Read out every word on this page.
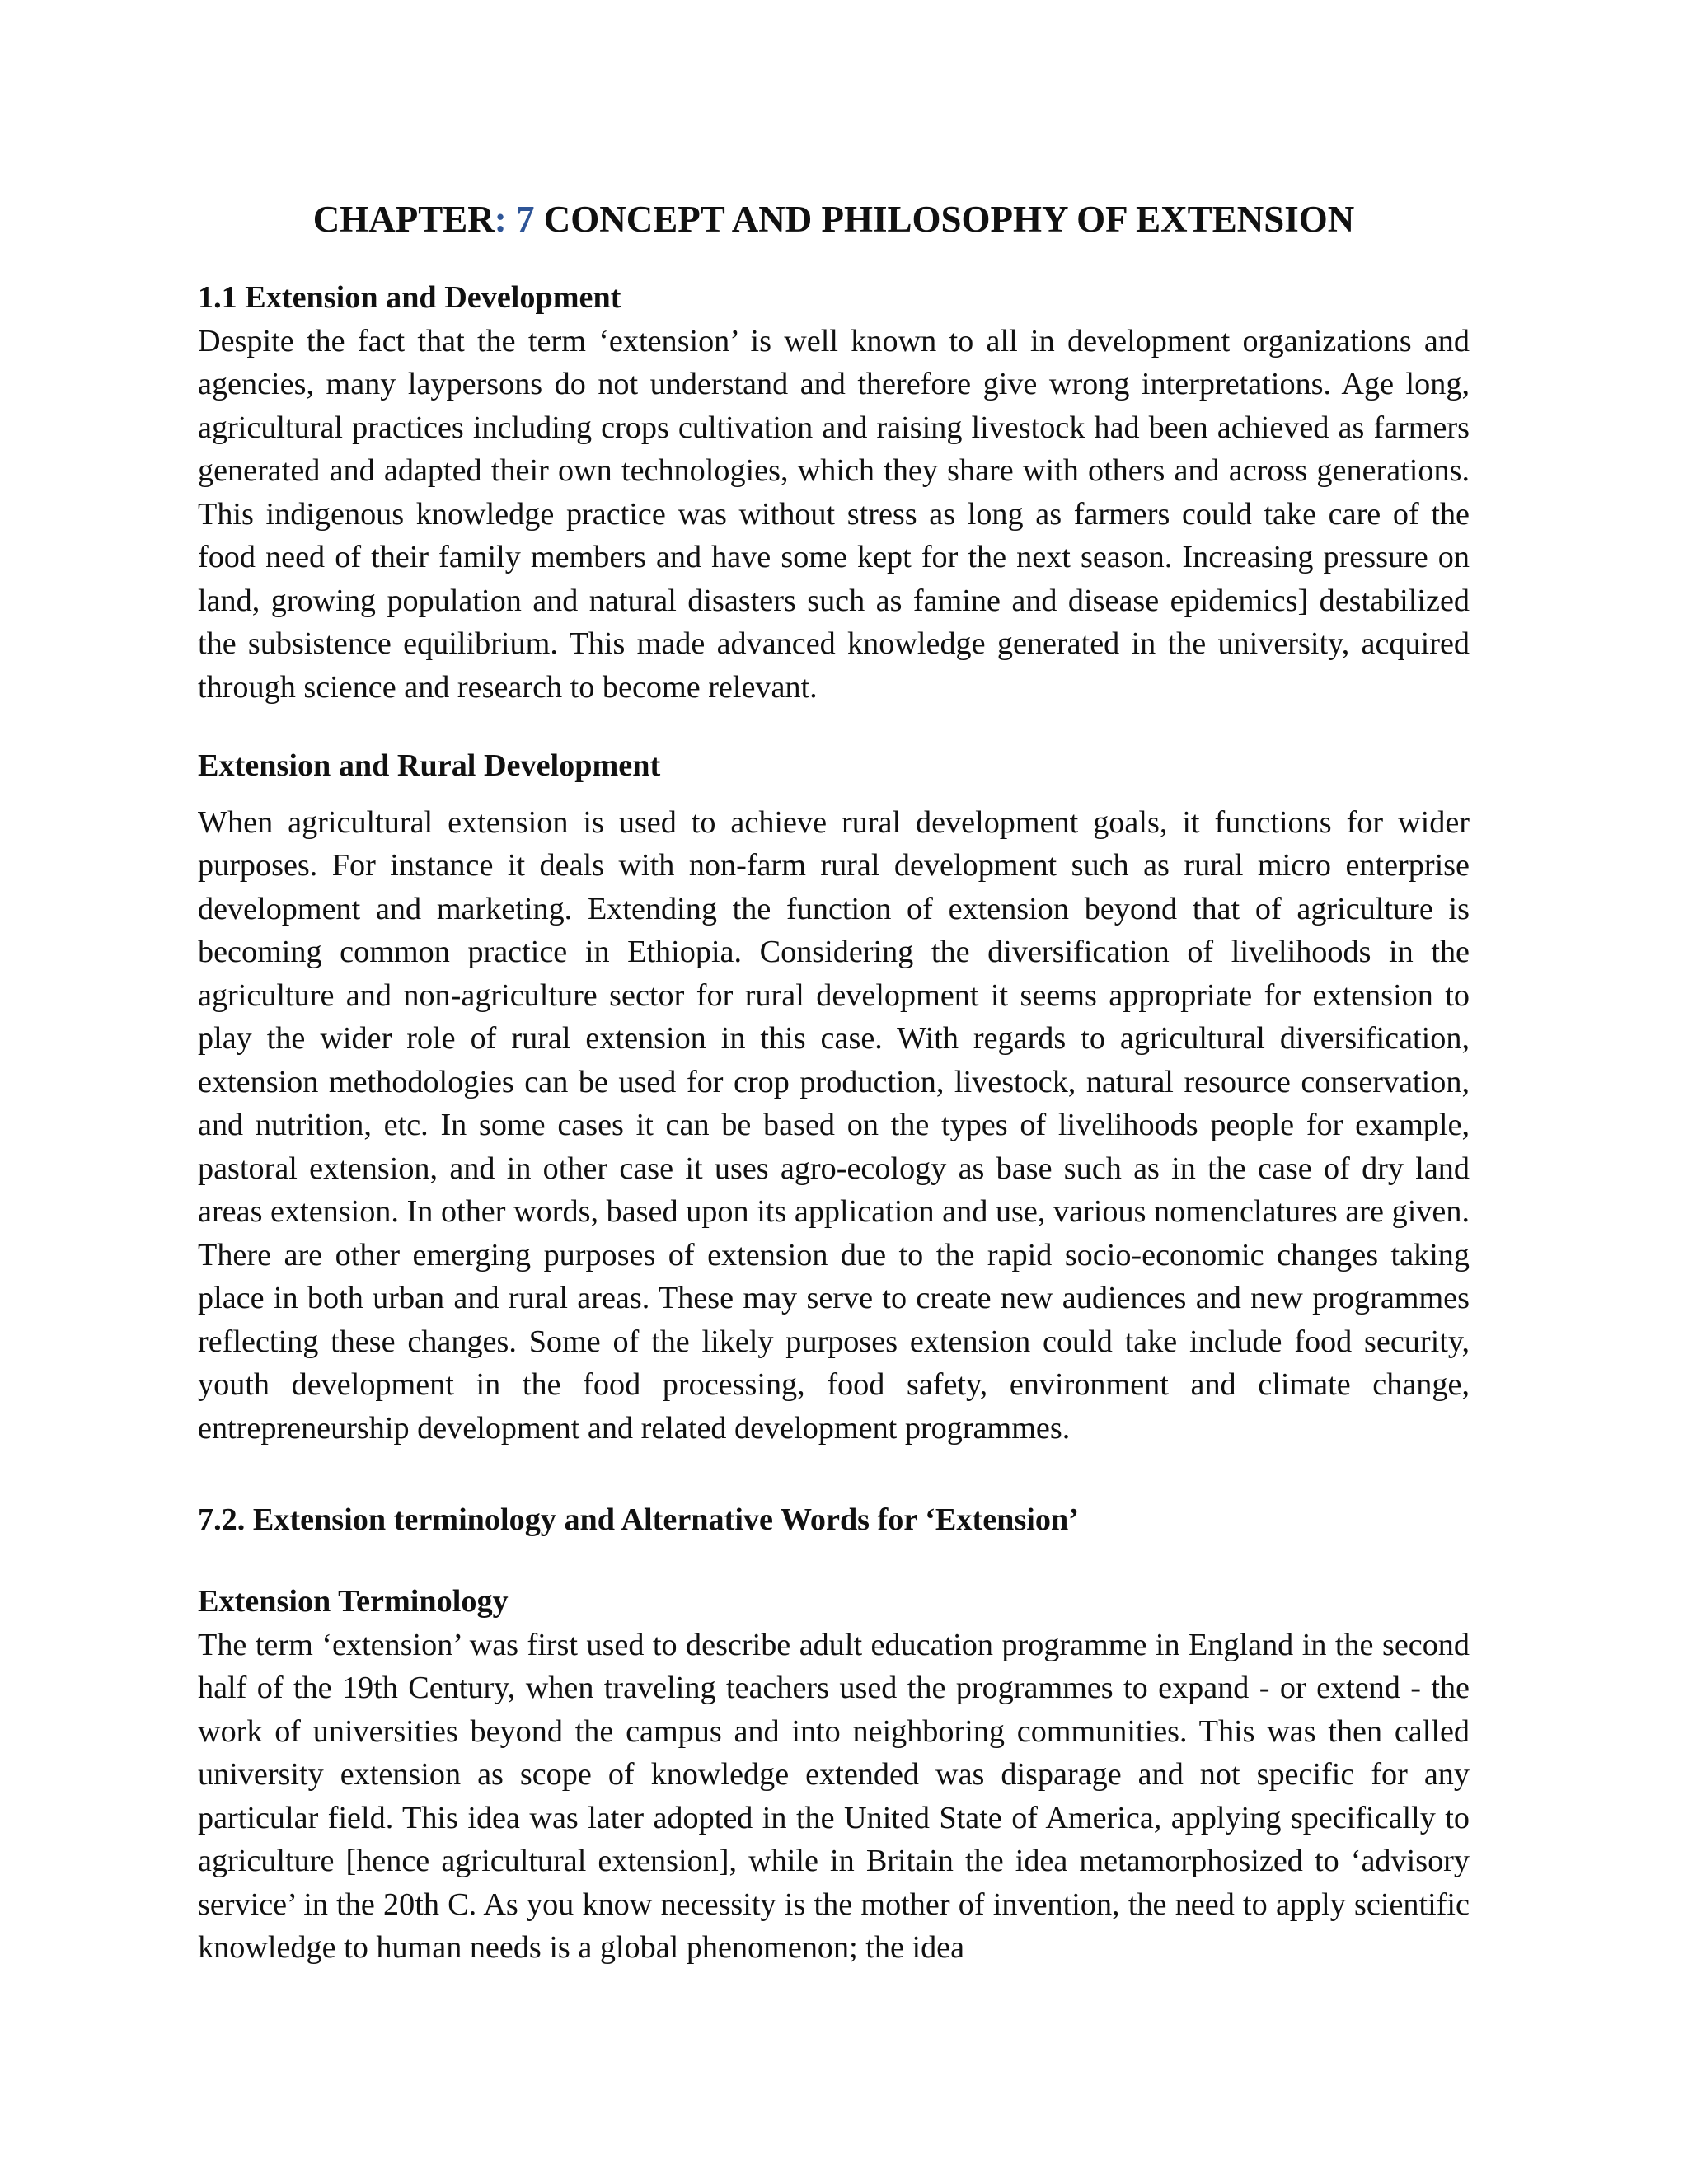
CHAPTER: 7 CONCEPT AND PHILOSOPHY OF EXTENSION
1.1 Extension and Development

Despite the fact that the term ‘extension’ is well known to all in development organizations and agencies, many laypersons do not understand and therefore give wrong interpretations. Age long, agricultural practices including crops cultivation and raising livestock had been achieved as farmers generated and adapted their own technologies, which they share with others and across generations. This indigenous knowledge practice was without stress as long as farmers could take care of the food need of their family members and have some kept for the next season. Increasing pressure on land, growing population and natural disasters such as famine and disease epidemics] destabilized the subsistence equilibrium. This made advanced knowledge generated in the university, acquired through science and research to become relevant.

Extension and Rural Development

When agricultural extension is used to achieve rural development goals, it functions for wider purposes. For instance it deals with non-farm rural development such as rural micro enterprise development and marketing. Extending the function of extension beyond that of agriculture is becoming common practice in Ethiopia. Considering the diversification of livelihoods in the agriculture and non-agriculture sector for rural development it seems appropriate for extension to play the wider role of rural extension in this case. With regards to agricultural diversification, extension methodologies can be used for crop production, livestock, natural resource conservation, and nutrition, etc. In some cases it can be based on the types of livelihoods people for example, pastoral extension, and in other case it uses agro-ecology as base such as in the case of dry land areas extension. In other words, based upon its application and use, various nomenclatures are given. There are other emerging purposes of extension due to the rapid socio-economic changes taking place in both urban and rural areas. These may serve to create new audiences and new programmes reflecting these changes. Some of the likely purposes extension could take include food security, youth development in the food processing, food safety, environment and climate change, entrepreneurship development and related development programmes.

7.2. Extension terminology and Alternative Words for ‘Extension’
Extension Terminology

The term ‘extension’ was first used to describe adult education programme in England in the second half of the 19th Century, when traveling teachers used the programmes to expand - or extend - the work of universities beyond the campus and into neighboring communities. This was then called university extension as scope of knowledge extended was disparage and not specific for any particular field. This idea was later adopted in the United State of America, applying specifically to agriculture [hence agricultural extension], while in Britain the idea metamorphosized to ‘advisory service’ in the 20th C. As you know necessity is the mother of invention, the need to apply scientific knowledge to human needs is a global phenomenon; the idea
